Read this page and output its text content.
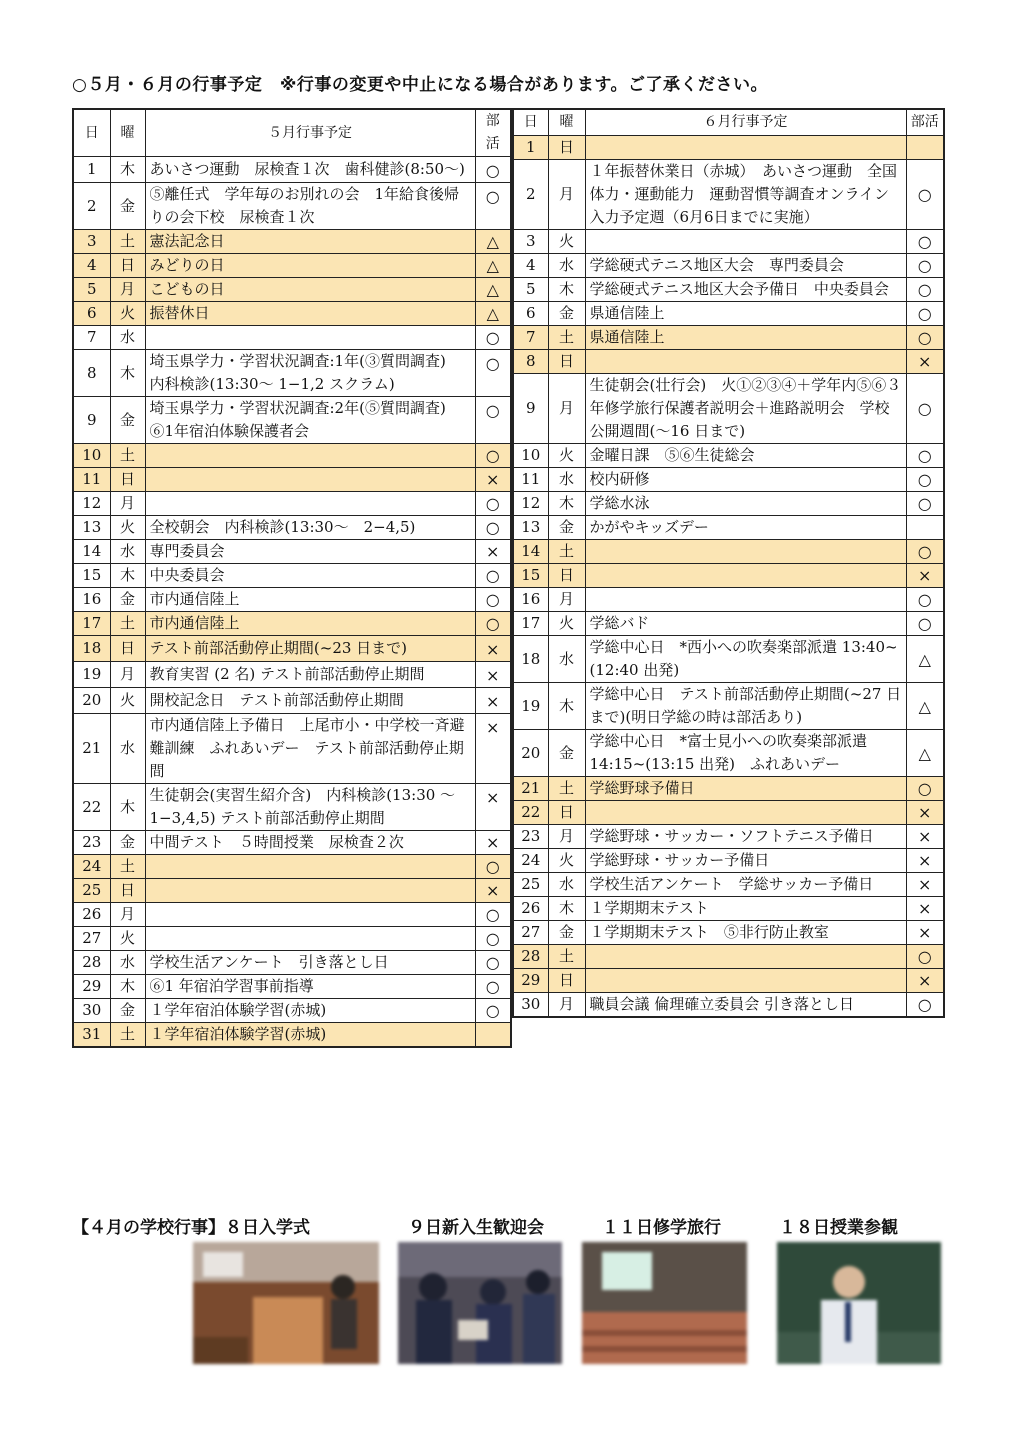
○５月・６月の行事予定　※行事の変更や中止になる場合があります。ご了承ください。
日	曜	５月行事予定	部活
1	木	あいさつ運動　尿検査１次　歯科健診(8:50～)	○
2	金	⑤離任式　学年毎のお別れの会　1年給食後帰りの会下校　尿検査１次	○
3	土	憲法記念日	△
4	日	みどりの日	△
5	月	こどもの日	△
6	火	振替休日	△
7	水		○
8	木	埼玉県学力・学習状況調査:1年(③質問調査)　内科検診(13:30～ 1−1,2 スクラム)	○
9	金	埼玉県学力・学習状況調査:2年(⑤質問調査)　⑥1年宿泊体験保護者会	○
10	土		○
11	日		×
12	月		○
13	火	全校朝会　内科検診(13:30～　2−4,5)	○
14	水	専門委員会	×
15	木	中央委員会	○
16	金	市内通信陸上	○
17	土	市内通信陸上	○
18	日	テスト前部活動停止期間(~23 日まで)	×
19	月	教育実習 (2 名) テスト前部活動停止期間	×
20	火	開校記念日　テスト前部活動停止期間	×
21	水	市内通信陸上予備日　上尾市小・中学校一斉避難訓練　ふれあいデー　テスト前部活動停止期間	×
22	木	生徒朝会(実習生紹介含)　内科検診(13:30 ～ 1−3,4,5) テスト前部活動停止期間	×
23	金	中間テスト　５時間授業　尿検査２次	×
24	土		○
25	日		×
26	月		○
27	火		○
28	水	学校生活アンケート　引き落とし日	○
29	木	⑥1 年宿泊学習事前指導	○
30	金	１学年宿泊体験学習(赤城)	○
31	土	１学年宿泊体験学習(赤城)	
日	曜	６月行事予定	部活
1	日		
2	月	１年振替休業日（赤城）　あいさつ運動　全国体力・運動能力　運動習慣等調査オンライン入力予定週（6月6日までに実施）	○
3	火		○
4	水	学総硬式テニス地区大会　専門委員会	○
5	木	学総硬式テニス地区大会予備日　中央委員会	○
6	金	県通信陸上	○
7	土	県通信陸上	○
8	日		×
9	月	生徒朝会(壮行会)　火①②③④＋学年内⑤⑥３年修学旅行保護者説明会＋進路説明会　学校公開週間(～16 日まで)	○
10	火	金曜日課　⑤⑥生徒総会	○
11	水	校内研修	○
12	木	学総水泳	○
13	金	かがやキッズデー	
14	土		○
15	日		×
16	月		○
17	火	学総バド	○
18	水	学総中心日　*西小への吹奏楽部派遣 13:40~(12:40 出発)	△
19	木	学総中心日　テスト前部活動停止期間(~27 日まで)(明日学総の時は部活あり)	△
20	金	学総中心日　*富士見小への吹奏楽部派遣 14:15~(13:15 出発)　ふれあいデー	△
21	土	学総野球予備日	○
22	日		×
23	月	学総野球・サッカー・ソフトテニス予備日	×
24	火	学総野球・サッカー予備日	×
25	水	学校生活アンケート　学総サッカー予備日	×
26	木	１学期期末テスト	×
27	金	１学期期末テスト　⑤非行防止教室	×
28	土		○
29	日		×
30	月	職員会議 倫理確立委員会 引き落とし日	○
【４月の学校行事】８日入学式	９日新入生歓迎会	１１日修学旅行	１８日授業参観
